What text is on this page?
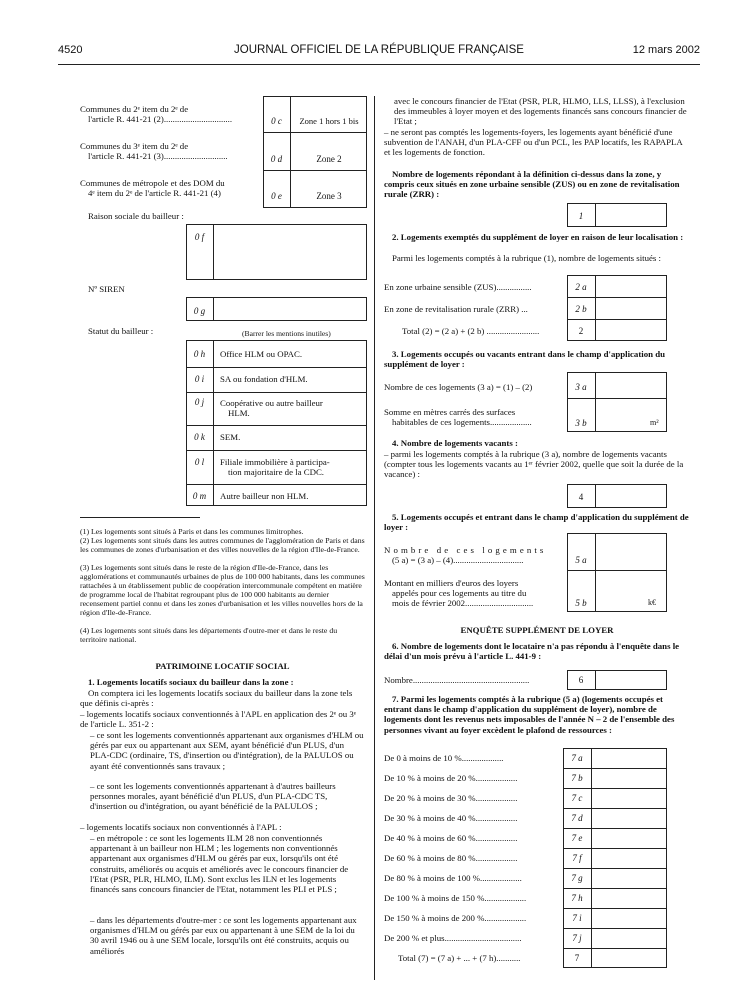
4520	JOURNAL OFFICIEL DE LA RÉPUBLIQUE FRANÇAISE	12 mars 2002
Communes du 2ᵉ item du 2ᵉ de
l'article R. 441-21 (2)...............................	0 c	Zone 1 hors 1 bis
Communes du 3ᵉ item du 2ᵉ de
l'article R. 441-21 (3).............................	0 d	Zone 2
Communes de métropole et des DOM du
4ᵉ item du 2ᵉ de l'article R. 441-21 (4)	0 e	Zone 3
Raison sociale du bailleur :
0 f
Nº SIREN
0 g
Statut du bailleur :	(Barrer les mentions inutiles)
0 h	Office HLM ou OPAC.
0 i	SA ou fondation d'HLM.
0 j	Coopérative ou autre bailleur
HLM.
0 k	SEM.
0 l	Filiale immobilière à participa-
tion majoritaire de la CDC.
0 m	Autre bailleur non HLM.
(1) Les logements sont situés à Paris et dans les communes limitrophes.
(2) Les logements sont situés dans les autres communes de l'agglomération de Paris et dans les communes de zones d'urbanisation et des villes nouvelles de la région d'Ile-de-France.
(3) Les logements sont situés dans le reste de la région d'Ile-de-France, dans les agglomérations et communautés urbaines de plus de 100 000 habitants, dans les communes rattachées à un établissement public de coopération intercommunale compétent en matière de programme local de l'habitat regroupant plus de 100 000 habitants au dernier recensement partiel connu et dans les zones d'urbanisation et les villes nouvelles hors de la région d'Ile-de-France.
(4) Les logements sont situés dans les départements d'outre-mer et dans le reste du territoire national.
PATRIMOINE LOCATIF SOCIAL
1. Logements locatifs sociaux du bailleur dans la zone :
On comptera ici les logements locatifs sociaux du bailleur dans la zone tels que définis ci-après :
– logements locatifs sociaux conventionnés à l'APL en application des 2ᵉ ou 3ᵉ de l'article L. 351-2 :
– ce sont les logements conventionnés appartenant aux organismes d'HLM ou gérés par eux ou appartenant aux SEM, ayant bénéficié d'un PLUS, d'un PLA-CDC (ordinaire, TS, d'insertion ou d'intégration), de la PALULOS ou ayant été conventionnés sans travaux ;
– ce sont les logements conventionnés appartenant à d'autres bailleurs personnes morales, ayant bénéficié d'un PLUS, d'un PLA-CDC TS, d'insertion ou d'intégration, ou ayant bénéficié de la PALULOS ;
– logements locatifs sociaux non conventionnés à l'APL :
– en métropole : ce sont les logements ILM 28 non conventionnés appartenant à un bailleur non HLM ; les logements non conventionnés appartenant aux organismes d'HLM ou gérés par eux, lorsqu'ils ont été construits, améliorés ou acquis et améliorés avec le concours financier de l'Etat (PSR, PLR, HLMO, ILM). Sont exclus les ILN et les logements financés sans concours financier de l'Etat, notamment les PLI et PLS ;
– dans les départements d'outre-mer : ce sont les logements appartenant aux organismes d'HLM ou gérés par eux ou appartenant à une SEM de la loi du 30 avril 1946 ou à une SEM locale, lorsqu'ils ont été construits, acquis ou améliorés
avec le concours financier de l'Etat (PSR, PLR, HLMO, LLS, LLSS), à l'exclusion des immeubles à loyer moyen et des logements financés sans concours financier de l'Etat ;
– ne seront pas comptés les logements-foyers, les logements ayant bénéficié d'une subvention de l'ANAH, d'un PLA-CFF ou d'un PCL, les PAP locatifs, les RAPAPLA et les logements de fonction.
Nombre de logements répondant à la définition ci-dessus dans la zone, y compris ceux situés en zone urbaine sensible (ZUS) ou en zone de revitalisation rurale (ZRR) :
1
2. Logements exemptés du supplément de loyer en raison de leur localisation :
Parmi les logements comptés à la rubrique (1), nombre de logements situés :
En zone urbaine sensible (ZUS)................	2 a
En zone de revitalisation rurale (ZRR) ...	2 b
Total (2) = (2 a) + (2 b) ........................	2
3. Logements occupés ou vacants entrant dans le champ d'application du supplément de loyer :
Nombre de ces logements (3 a) = (1) – (2)	3 a
Somme en mètres carrés des surfaces
habitables de ces logements...................	3 b	m²
4. Nombre de logements vacants :
– parmi les logements comptés à la rubrique (3 a), nombre de logements vacants (compter tous les logements vacants au 1ᵉʳ février 2002, quelle que soit la durée de la vacance) :
4
5. Logements occupés et entrant dans le champ d'application du supplément de loyer :
Nombre de ces logements
(5 a) = (3 a) – (4)................................	5 a
Montant en milliers d'euros des loyers
appelés pour ces logements au titre du
mois de février 2002...............................	5 b	k€
ENQUÊTE SUPPLÉMENT DE LOYER
6. Nombre de logements dont le locataire n'a pas répondu à l'enquête dans le délai d'un mois prévu à l'article L. 441-9 :
Nombre.....................................................	6
7. Parmi les logements comptés à la rubrique (5 a) (logements occupés et entrant dans le champ d'application du supplément de loyer), nombre de logements dont les revenus nets imposables de l'année N – 2 de l'ensemble des personnes vivant au foyer excèdent le plafond de ressources :
De 0 à moins de 10 %...................	7 a
De 10 % à moins de 20 %...................	7 b
De 20 % à moins de 30 %...................	7 c
De 30 % à moins de 40 %...................	7 d
De 40 % à moins de 60 %...................	7 e
De 60 % à moins de 80 %...................	7 f
De 80 % à moins de 100 %...................	7 g
De 100 % à moins de 150 %...................	7 h
De 150 % à moins de 200 %...................	7 i
De 200 % et plus...................................	7 j
Total (7) = (7 a) + ... + (7 h)...........	7
